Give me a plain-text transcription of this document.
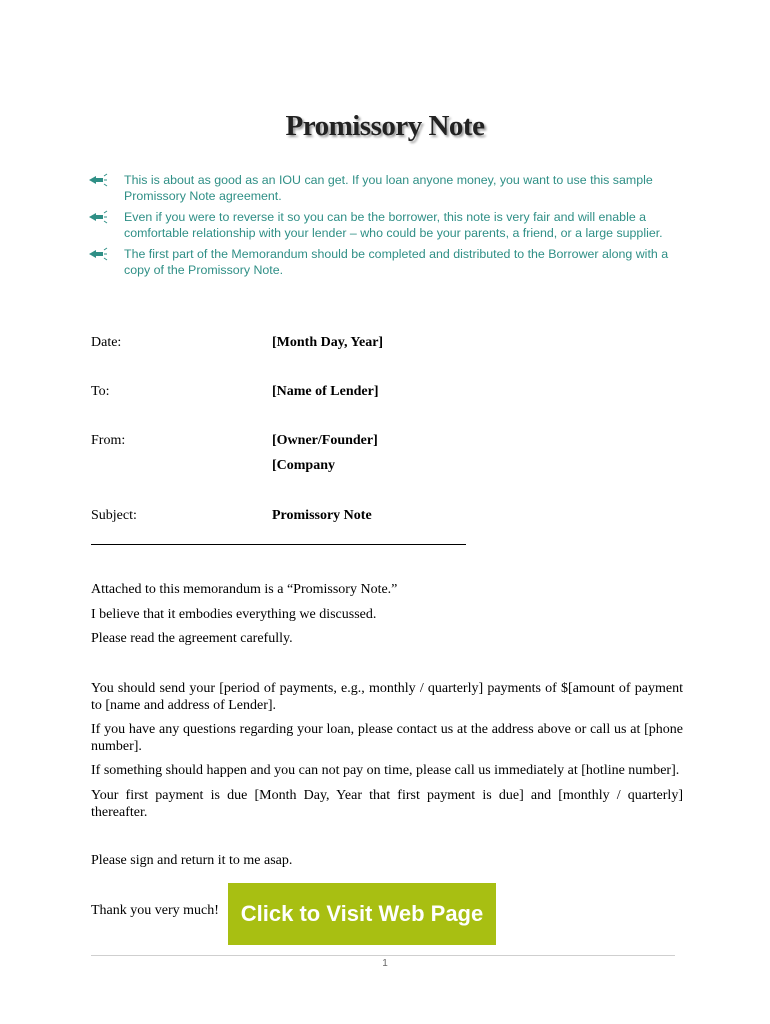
Promissory Note
This is about as good as an IOU can get. If you loan anyone money, you want to use this sample Promissory Note agreement.
Even if you were to reverse it so you can be the borrower, this note is very fair and will enable a comfortable relationship with your lender – who could be your parents, a friend, or a large supplier.
The first part of the Memorandum should be completed and distributed to the Borrower along with a copy of the Promissory Note.
Date:	[Month Day, Year]
To:	[Name of Lender]
From:	[Owner/Founder]
[Company
Subject:	Promissory Note
Attached to this memorandum is a “Promissory Note.”
I believe that it embodies everything we discussed.
Please read the agreement carefully.
You should send your [period of payments, e.g., monthly / quarterly] payments of $[amount of payment to [name and address of Lender].
If you have any questions regarding your loan, please contact us at the address above or call us at [phone number].
If something should happen and you can not pay on time, please call us immediately at [hotline number].
Your first payment is due [Month Day, Year that first payment is due] and [monthly / quarterly] thereafter.
Please sign and return it to me asap.
Thank you very much! Click to Visit Web Page
1
